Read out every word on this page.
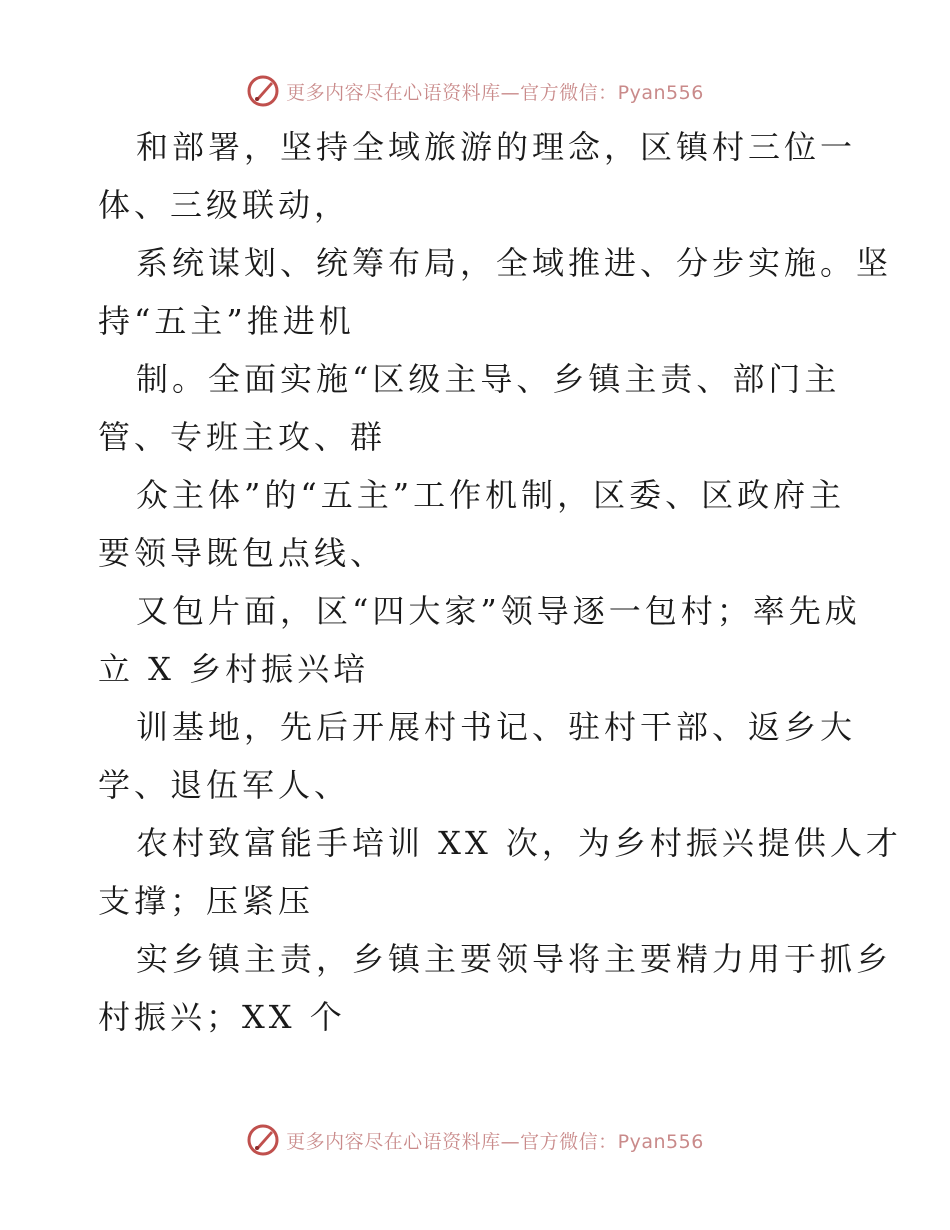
更多内容尽在心语资料库—官方微信：Pyan556
和部署，坚持全域旅游的理念，区镇村三位一
体、三级联动，
系统谋划、统筹布局，全域推进、分步实施。坚
持“五主”推进机
制。全面实施“区级主导、乡镇主责、部门主
管、专班主攻、群
众主体”的“五主”工作机制，区委、区政府主
要领导既包点线、
又包片面，区“四大家”领导逐一包村；率先成
立 X 乡村振兴培
训基地，先后开展村书记、驻村干部、返乡大
学、退伍军人、
农村致富能手培训 XX 次，为乡村振兴提供人才
支撑；压紧压
实乡镇主责，乡镇主要领导将主要精力用于抓乡
村振兴；XX 个
更多内容尽在心语资料库—官方微信：Pyan556
